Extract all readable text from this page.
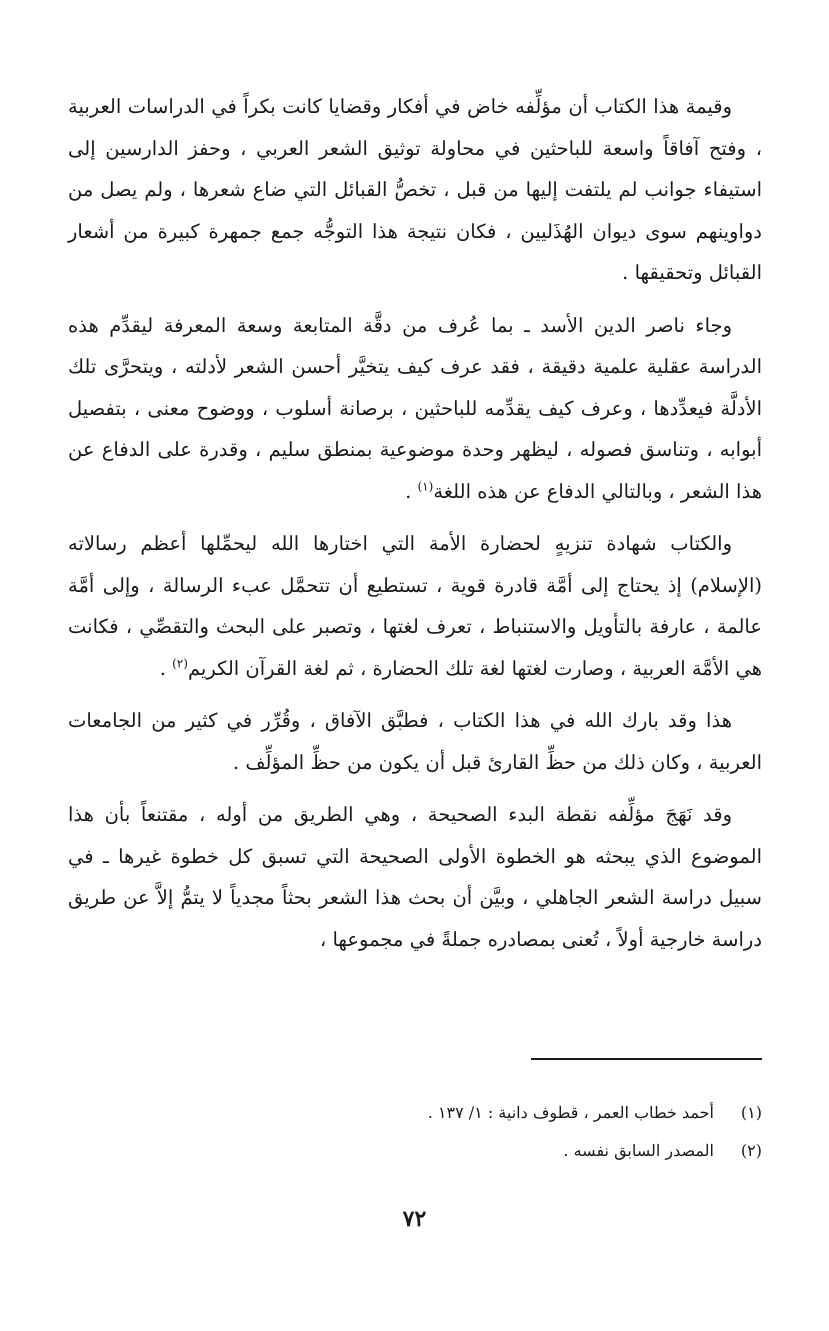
وقيمة هذا الكتاب أن مؤلِّفه خاض في أفكار وقضايا كانت بكراً في الدراسات العربية ، وفتح آفاقاً واسعة للباحثين في محاولة توثيق الشعر العربي ، وحفز الدارسين إلى استيفاء جوانب لم يلتفت إليها من قبل ، تخصُّ القبائل التي ضاع شعرها ، ولم يصل من دواوينهم سوى ديوان الهُذَليين ، فكان نتيجة هذا التوجُّه جمع جمهرة كبيرة من أشعار القبائل وتحقيقها .

وجاء ناصر الدين الأسد ـ بما عُرف من دقَّة المتابعة وسعة المعرفة ليقدِّم هذه الدراسة عقلية علمية دقيقة ، فقد عرف كيف يتخيَّر أحسن الشعر لأدلته ، ويتحرَّى تلك الأدلَّة فيعدِّدها ، وعرف كيف يقدِّمه للباحثين ، برصانة أسلوب ، ووضوح معنى ، بتفصيل أبوابه ، وتناسق فصوله ، ليظهر وحدة موضوعية بمنطق سليم ، وقدرة على الدفاع عن هذا الشعر ، وبالتالي الدفاع عن هذه اللغة$^{(١)}$ .

والكتاب شهادة تنزيهٍ لحضارة الأمة التي اختارها الله ليحمِّلها أعظم رسالاته (الإسلام) إذ يحتاج إلى أمَّة قادرة قوية ، تستطيع أن تتحمَّل عبء الرسالة ، وإلى أمَّة عالمة ، عارفة بالتأويل والاستنباط ، تعرف لغتها ، وتصبر على البحث والتقصِّي ، فكانت هي الأمَّة العربية ، وصارت لغتها لغة تلك الحضارة ، ثم لغة القرآن الكريم$^{(٢)}$ .

هذا وقد بارك الله في هذا الكتاب ، فطبَّق الآفاق ، وقُرِّر في كثير من الجامعات العربية ، وكان ذلك من حظِّ القارئ قبل أن يكون من حظِّ المؤلِّف .

وقد نَهَجَ مؤلِّفه نقطة البدء الصحيحة ، وهي الطريق من أوله ، مقتنعاً بأن هذا الموضوع الذي يبحثه هو الخطوة الأولى الصحيحة التي تسبق كل خطوة غيرها ـ في سبيل دراسة الشعر الجاهلي ، وبيَّن أن بحث هذا الشعر بحثاً مجدياً لا يتمُّ إلاَّ عن طريق دراسة خارجية أولاً ، تُعنى بمصادره جملةً في مجموعها ،

(١)
أحمد خطاب العمر ، قطوف دانية : ١/ ١٣٧ .
(٢)
المصدر السابق نفسه .
٧٢
